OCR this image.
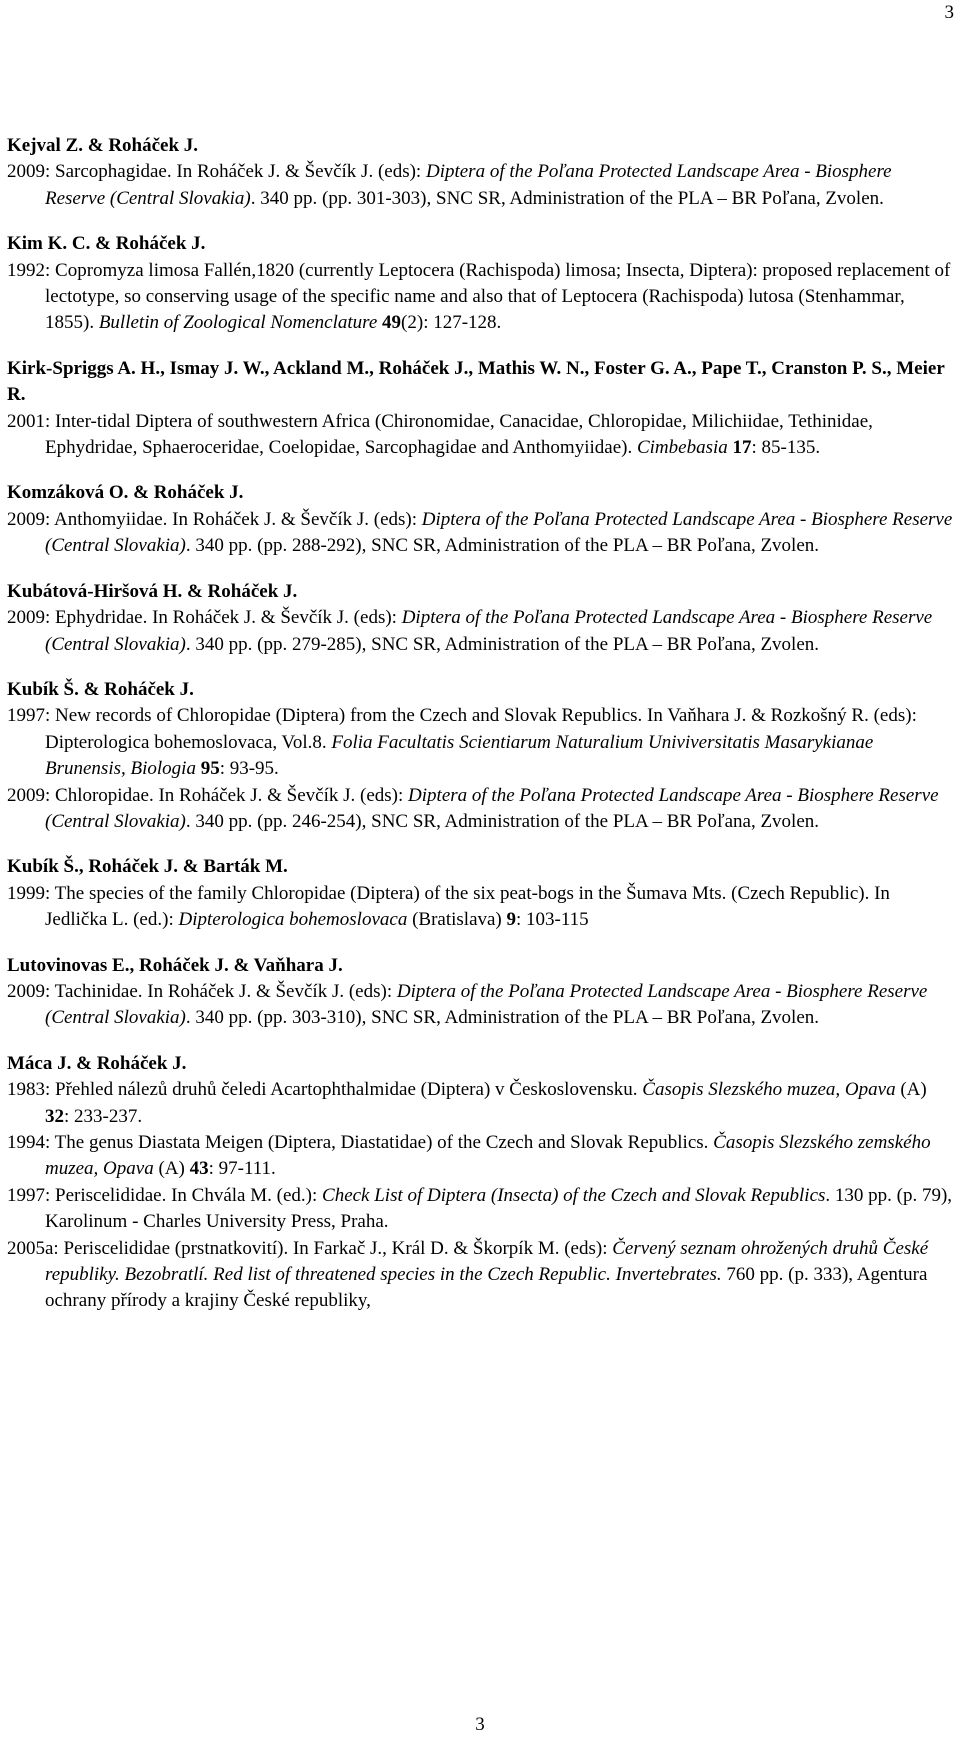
3
Kejval Z. & Roháček J.
2009: Sarcophagidae. In Roháček J. & Ševčík J. (eds): Diptera of the Poľana Protected Landscape Area - Biosphere Reserve (Central Slovakia). 340 pp. (pp. 301-303), SNC SR, Administration of the PLA – BR Poľana, Zvolen.
Kim K. C. & Roháček J.
1992: Copromyza limosa Fallén,1820 (currently Leptocera (Rachispoda) limosa; Insecta, Diptera): proposed replacement of lectotype, so conserving usage of the specific name and also that of Leptocera (Rachispoda) lutosa (Stenhammar, 1855). Bulletin of Zoological Nomenclature 49(2): 127-128.
Kirk-Spriggs A. H., Ismay J. W., Ackland M., Roháček J., Mathis W. N., Foster G. A., Pape T., Cranston P. S., Meier R.
2001: Inter-tidal Diptera of southwestern Africa (Chironomidae, Canacidae, Chloropidae, Milichiidae, Tethinidae, Ephydridae, Sphaeroceridae, Coelopidae, Sarcophagidae and Anthomyiidae). Cimbebasia 17: 85-135.
Komzáková O. & Roháček J.
2009: Anthomyiidae. In Roháček J. & Ševčík J. (eds): Diptera of the Poľana Protected Landscape Area - Biosphere Reserve (Central Slovakia). 340 pp. (pp. 288-292), SNC SR, Administration of the PLA – BR Poľana, Zvolen.
Kubátová-Hiršová H. & Roháček J.
2009: Ephydridae. In Roháček J. & Ševčík J. (eds): Diptera of the Poľana Protected Landscape Area - Biosphere Reserve (Central Slovakia). 340 pp. (pp. 279-285), SNC SR, Administration of the PLA – BR Poľana, Zvolen.
Kubík Š. & Roháček J.
1997: New records of Chloropidae (Diptera) from the Czech and Slovak Republics. In Vaňhara J. & Rozkošný R. (eds): Dipterologica bohemoslovaca, Vol.8. Folia Facultatis Scientiarum Naturalium Univiversitatis Masarykianae Brunensis, Biologia 95: 93-95.
2009: Chloropidae. In Roháček J. & Ševčík J. (eds): Diptera of the Poľana Protected Landscape Area - Biosphere Reserve (Central Slovakia). 340 pp. (pp. 246-254), SNC SR, Administration of the PLA – BR Poľana, Zvolen.
Kubík Š., Roháček J. & Barták M.
1999: The species of the family Chloropidae (Diptera) of the six peat-bogs in the Šumava Mts. (Czech Republic). In Jedlička L. (ed.): Dipterologica bohemoslovaca (Bratislava) 9: 103-115
Lutovinovas E., Roháček J. & Vaňhara J.
2009: Tachinidae. In Roháček J. & Ševčík J. (eds): Diptera of the Poľana Protected Landscape Area - Biosphere Reserve (Central Slovakia). 340 pp. (pp. 303-310), SNC SR, Administration of the PLA – BR Poľana, Zvolen.
Máca J. & Roháček J.
1983: Přehled nálezů druhů čeledi Acartophthalmidae (Diptera) v Československu. Časopis Slezského muzea, Opava (A) 32: 233-237.
1994: The genus Diastata Meigen (Diptera, Diastatidae) of the Czech and Slovak Republics. Časopis Slezského zemského muzea, Opava (A) 43: 97-111.
1997: Periscelididae. In Chvála M. (ed.): Check List of Diptera (Insecta) of the Czech and Slovak Republics. 130 pp. (p. 79), Karolinum - Charles University Press, Praha.
2005a: Periscelididae (prstnatkovití). In Farkač J., Král D. & Škorpík M. (eds): Červený seznam ohrožených druhů České republiky. Bezobratlí. Red list of threatened species in the Czech Republic. Invertebrates. 760 pp. (p. 333), Agentura ochrany přírody a krajiny České republiky,
3
